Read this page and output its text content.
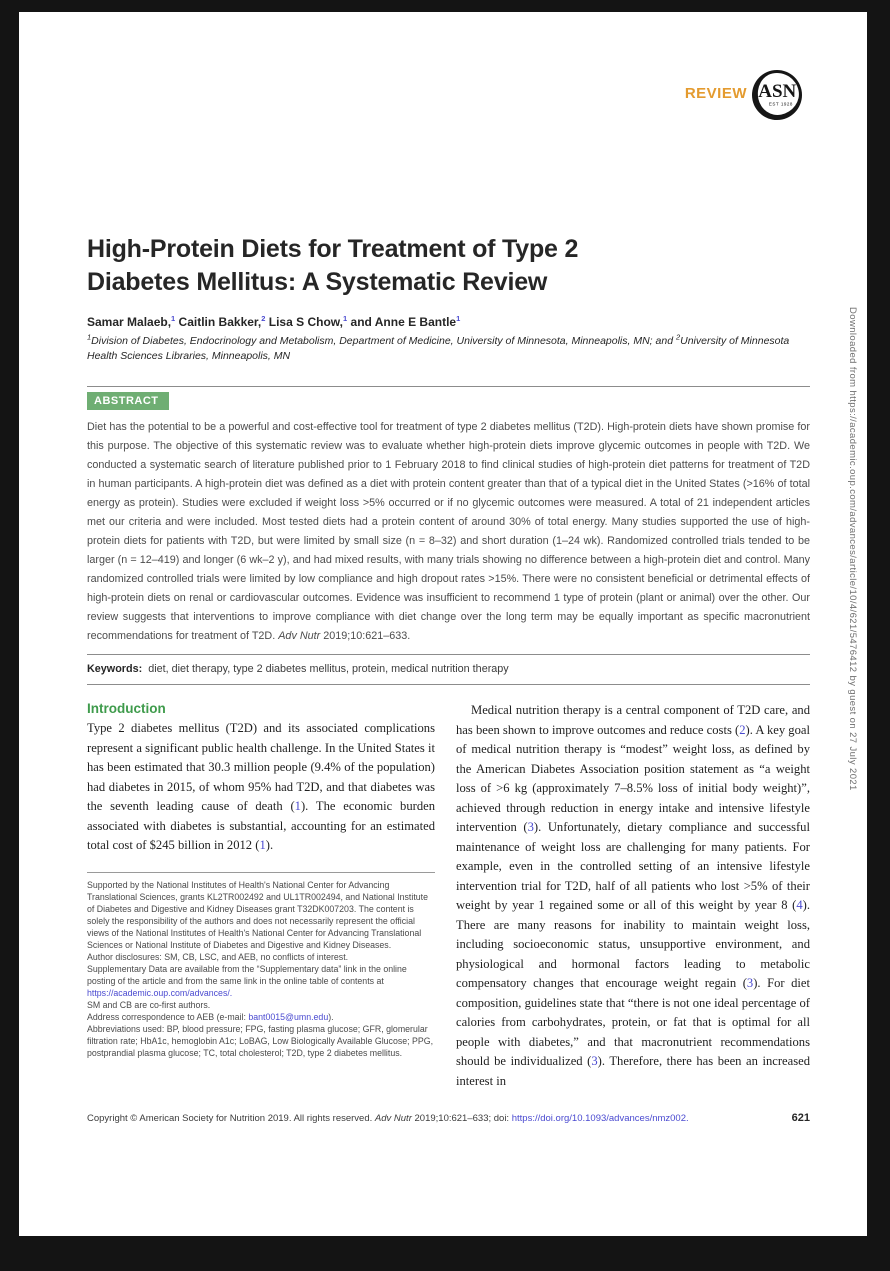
Downloaded from https://academic.oup.com/advances/article/10/4/621/5476412 by guest on 27 July 2021
REVIEW ASN
EST 1928
High-Protein Diets for Treatment of Type 2
Diabetes Mellitus: A Systematic Review

Samar Malaeb,$^1$ Caitlin Bakker,$^2$ Lisa S Chow,$^1$ and Anne E Bantle$^1$

$^1$Division of Diabetes, Endocrinology and Metabolism, Department of Medicine, University of Minnesota, Minneapolis, MN; and $^2$University of Minnesota Health Sciences Libraries, Minneapolis, MN

ABSTRACT

Diet has the potential to be a powerful and cost-effective tool for treatment of type 2 diabetes mellitus (T2D). High-protein diets have shown promise for this purpose. The objective of this systematic review was to evaluate whether high-protein diets improve glycemic outcomes in people with T2D. We conducted a systematic search of literature published prior to 1 February 2018 to find clinical studies of high-protein diet patterns for treatment of T2D in human participants. A high-protein diet was defined as a diet with protein content greater than that of a typical diet in the United States (>16% of total energy as protein). Studies were excluded if weight loss >5% occurred or if no glycemic outcomes were measured. A total of 21 independent articles met our criteria and were included. Most tested diets had a protein content of around 30% of total energy. Many studies supported the use of high-protein diets for patients with T2D, but were limited by small size (n = 8–32) and short duration (1–24 wk). Randomized controlled trials tended to be larger (n = 12–419) and longer (6 wk–2 y), and had mixed results, with many trials showing no difference between a high-protein diet and control. Many randomized controlled trials were limited by low compliance and high dropout rates >15%. There were no consistent beneficial or detrimental effects of high-protein diets on renal or cardiovascular outcomes. Evidence was insufficient to recommend 1 type of protein (plant or animal) over the other. Our review suggests that interventions to improve compliance with diet change over the long term may be equally important as specific macronutrient recommendations for treatment of T2D. Adv Nutr 2019;10:621–633.

Keywords: diet, diet therapy, type 2 diabetes mellitus, protein, medical nutrition therapy

Introduction

Type 2 diabetes mellitus (T2D) and its associated complications represent a significant public health challenge. In the United States it has been estimated that 30.3 million people (9.4% of the population) had diabetes in 2015, of whom 95% had T2D, and that diabetes was the seventh leading cause of death (1). The economic burden associated with diabetes is substantial, accounting for an estimated total cost of $245 billion in 2012 (1).

Supported by the National Institutes of Health's National Center for Advancing Translational Sciences, grants KL2TR002492 and UL1TR002494, and National Institute of Diabetes and Digestive and Kidney Diseases grant T32DK007203. The content is solely the responsibility of the authors and does not necessarily represent the official views of the National Institutes of Health's National Center for Advancing Translational Sciences or National Institute of Diabetes and Digestive and Kidney Diseases.

Author disclosures: SM, CB, LSC, and AEB, no conflicts of interest.

Supplementary Data are available from the “Supplementary data” link in the online posting of the article and from the same link in the online table of contents at
https://academic.oup.com/advances/.

SM and CB are co-first authors.

Address correspondence to AEB (e-mail: bant0015@umn.edu).

Abbreviations used: BP, blood pressure; FPG, fasting plasma glucose; GFR, glomerular filtration rate; HbA1c, hemoglobin A1c; LoBAG, Low Biologically Available Glucose; PPG, postprandial plasma glucose; TC, total cholesterol; T2D, type 2 diabetes mellitus.

Medical nutrition therapy is a central component of T2D care, and has been shown to improve outcomes and reduce costs (2). A key goal of medical nutrition therapy is “modest” weight loss, as defined by the American Diabetes Association position statement as “a weight loss of >6 kg (approximately 7–8.5% loss of initial body weight)”, achieved through reduction in energy intake and intensive lifestyle intervention (3). Unfortunately, dietary compliance and successful maintenance of weight loss are challenging for many patients. For example, even in the controlled setting of an intensive lifestyle intervention trial for T2D, half of all patients who lost >5% of their weight by year 1 regained some or all of this weight by year 8 (4). There are many reasons for inability to maintain weight loss, including socioeconomic status, unsupportive environment, and physiological and hormonal factors leading to metabolic compensatory changes that encourage weight regain (3). For diet composition, guidelines state that “there is not one ideal percentage of calories from carbohydrates, protein, or fat that is optimal for all people with diabetes,” and that macronutrient recommendations should be individualized (3). Therefore, there has been an increased interest in

Copyright © American Society for Nutrition 2019. All rights reserved. Adv Nutr 2019;10:621–633; doi: https://doi.org/10.1093/advances/nmz002.	621
